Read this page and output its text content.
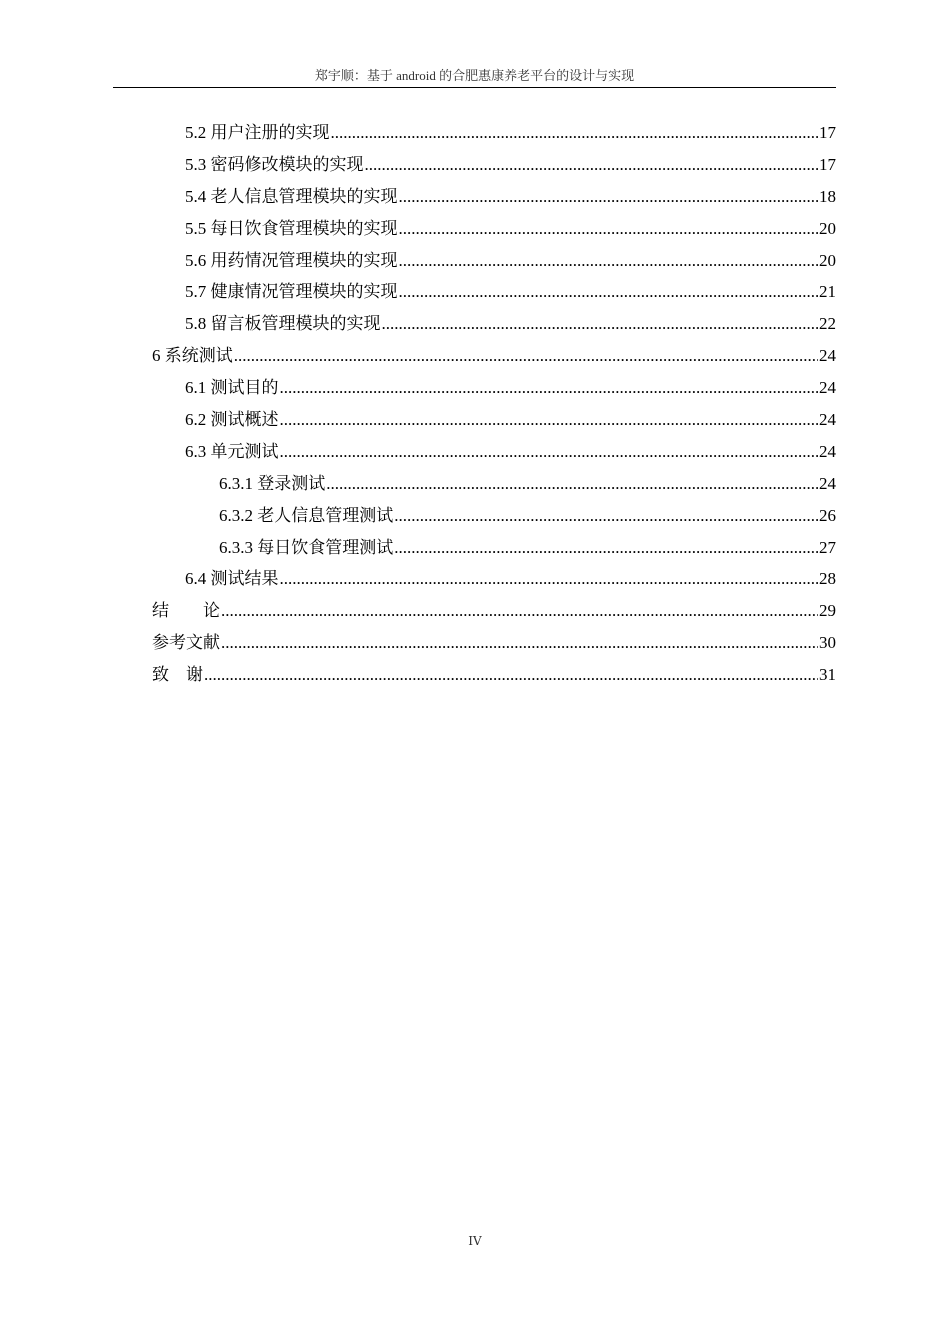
郑宇顺：基于 android 的合肥惠康养老平台的设计与实现
5.2 用户注册的实现 .....	17
5.3 密码修改模块的实现 .....	17
5.4 老人信息管理模块的实现 .....	18
5.5 每日饮食管理模块的实现 .....	20
5.6 用药情况管理模块的实现 .....	20
5.7 健康情况管理模块的实现 .....	21
5.8 留言板管理模块的实现 .....	22
6 系统测试 .....	24
6.1 测试目的 .....	24
6.2 测试概述 .....	24
6.3 单元测试 .....	24
6.3.1 登录测试 .....	24
6.3.2 老人信息管理测试 .....	26
6.3.3 每日饮食管理测试 .....	27
6.4 测试结果 .....	28
结　　论 .....	29
参考文献 .....	30
致　谢 .....	31
IV
